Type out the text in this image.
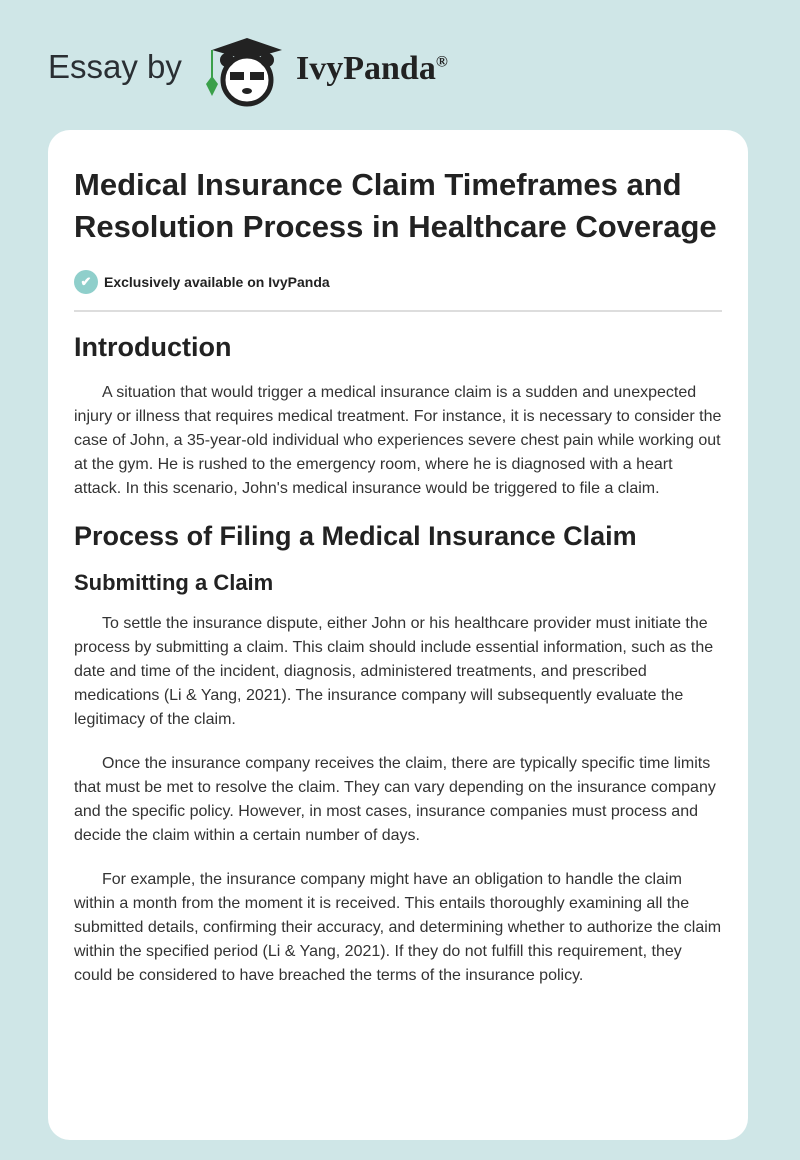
Essay by	IvyPanda®
Medical Insurance Claim Timeframes and Resolution Process in Healthcare Coverage
✔ Exclusively available on IvyPanda
Introduction

A situation that would trigger a medical insurance claim is a sudden and unexpected injury or illness that requires medical treatment. For instance, it is necessary to consider the case of John, a 35-year-old individual who experiences severe chest pain while working out at the gym. He is rushed to the emergency room, where he is diagnosed with a heart attack. In this scenario, John's medical insurance would be triggered to file a claim.

Process of Filing a Medical Insurance Claim
Submitting a Claim

To settle the insurance dispute, either John or his healthcare provider must initiate the process by submitting a claim. This claim should include essential information, such as the date and time of the incident, diagnosis, administered treatments, and prescribed medications (Li & Yang, 2021). The insurance company will subsequently evaluate the legitimacy of the claim.

Once the insurance company receives the claim, there are typically specific time limits that must be met to resolve the claim. They can vary depending on the insurance company and the specific policy. However, in most cases, insurance companies must process and decide the claim within a certain number of days.

For example, the insurance company might have an obligation to handle the claim within a month from the moment it is received. This entails thoroughly examining all the submitted details, confirming their accuracy, and determining whether to authorize the claim within the specified period (Li & Yang, 2021). If they do not fulfill this requirement, they could be considered to have breached the terms of the insurance policy.
